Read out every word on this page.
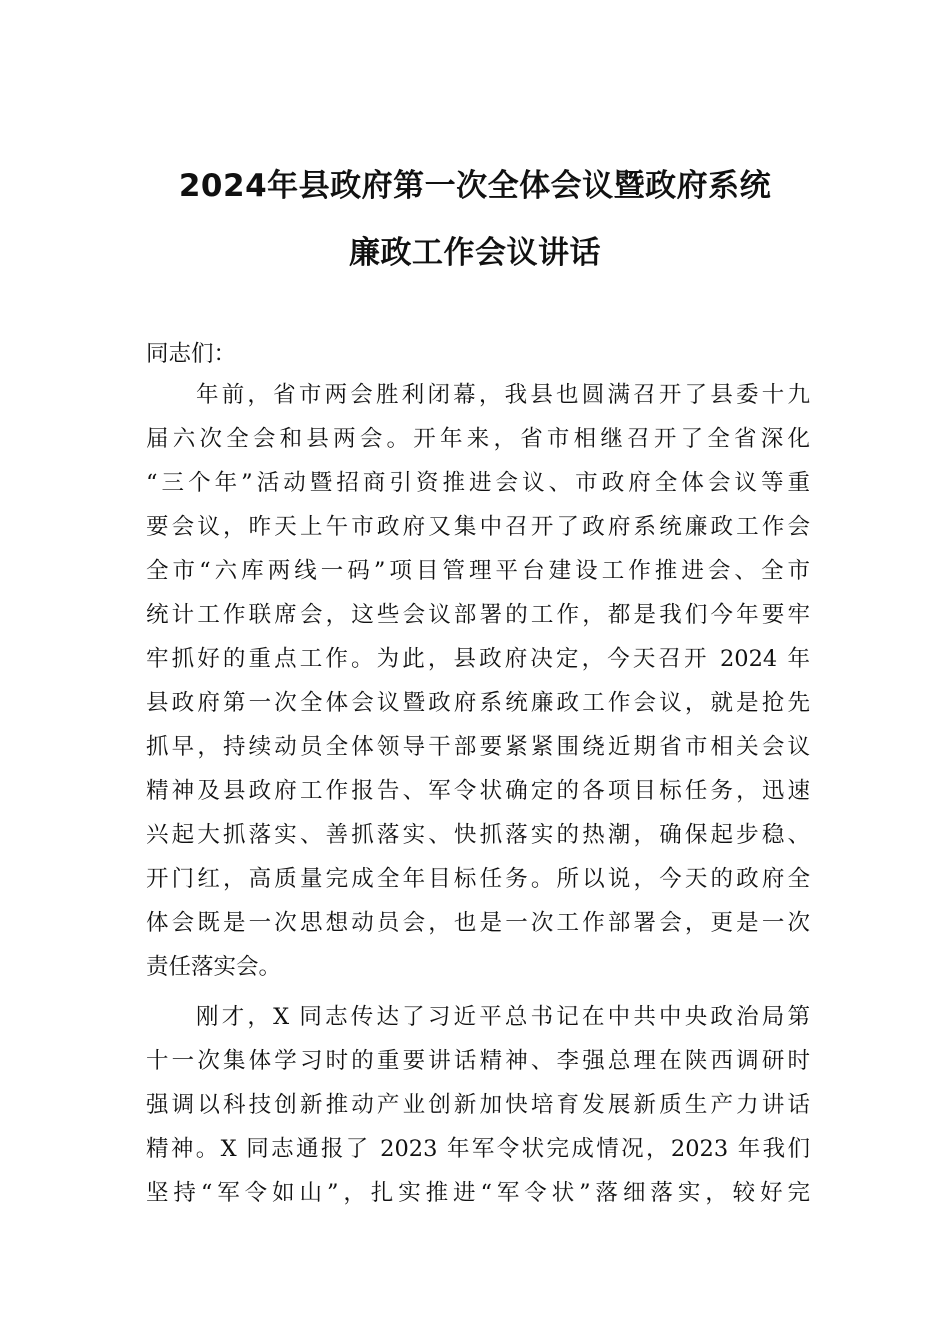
2024年县政府第一次全体会议暨政府系统
廉政工作会议讲话
同志们：
年前，省市两会胜利闭幕，我县也圆满召开了县委十九
届六次全会和县两会。开年来，省市相继召开了全省深化
“三个年”活动暨招商引资推进会议、市政府全体会议等重
要会议，昨天上午市政府又集中召开了政府系统廉政工作会
全市“六库两线一码”项目管理平台建设工作推进会、全市
统计工作联席会，这些会议部署的工作，都是我们今年要牢
牢抓好的重点工作。为此，县政府决定，今天召开 2024 年
县政府第一次全体会议暨政府系统廉政工作会议，就是抢先
抓早，持续动员全体领导干部要紧紧围绕近期省市相关会议
精神及县政府工作报告、军令状确定的各项目标任务，迅速
兴起大抓落实、善抓落实、快抓落实的热潮，确保起步稳、
开门红，高质量完成全年目标任务。所以说，今天的政府全
体会既是一次思想动员会，也是一次工作部署会，更是一次
责任落实会。
刚才，X 同志传达了习近平总书记在中共中央政治局第
十一次集体学习时的重要讲话精神、李强总理在陕西调研时
强调以科技创新推动产业创新加快培育发展新质生产力讲话
精神。X 同志通报了 2023 年军令状完成情况，2023 年我们
坚持“军令如山”，扎实推进“军令状”落细落实，较好完
